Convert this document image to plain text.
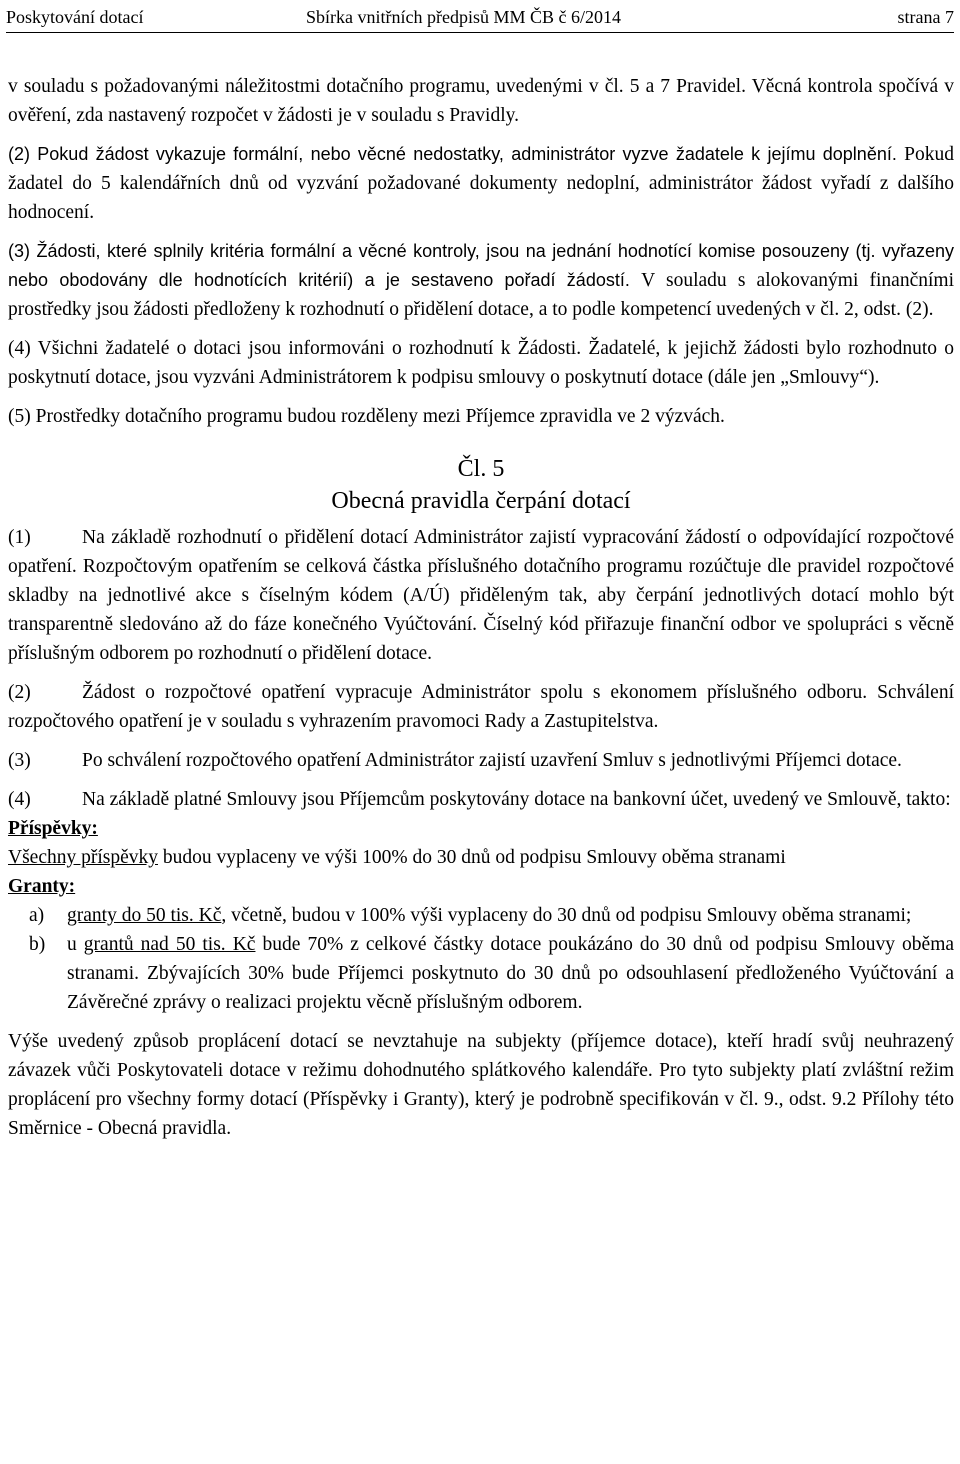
Poskytování dotací	Sbírka vnitřních předpisů MM ČB č 6/2014	strana 7

v souladu s požadovanými náležitostmi dotačního programu, uvedenými v čl. 5 a 7 Pravidel. Věcná kontrola spočívá v ověření, zda nastavený rozpočet v žádosti je v souladu s Pravidly.

(2) Pokud žádost vykazuje formální, nebo věcné nedostatky, administrátor vyzve žadatele k jejímu doplnění. Pokud žadatel do 5 kalendářních dnů od vyzvání požadované dokumenty nedoplní, administrátor žádost vyřadí z dalšího hodnocení.

(3) Žádosti, které splnily kritéria formální a věcné kontroly, jsou na jednání hodnotící komise posouzeny (tj. vyřazeny nebo obodovány dle hodnotících kritérií) a je sestaveno pořadí žádostí. V souladu s alokovanými finančními prostředky jsou žádosti předloženy k rozhodnutí o přidělení dotace, a to podle kompetencí uvedených v čl. 2, odst. (2).

(4) Všichni žadatelé o dotaci jsou informováni o rozhodnutí k Žádosti. Žadatelé, k jejichž žádosti bylo rozhodnuto o poskytnutí dotace, jsou vyzváni Administrátorem k podpisu smlouvy o poskytnutí dotace (dále jen „Smlouvy“).

(5) Prostředky dotačního programu budou rozděleny mezi Příjemce zpravidla ve 2 výzvách.

Čl. 5
Obecná pravidla čerpání dotací

(1)	Na základě rozhodnutí o přidělení dotací Administrátor zajistí vypracování žádostí o odpovídající rozpočtové opatření. Rozpočtovým opatřením se celková částka příslušného dotačního programu rozúčtuje dle pravidel rozpočtové skladby na jednotlivé akce s číselným kódem (A/Ú) přiděleným tak, aby čerpání jednotlivých dotací mohlo být transparentně sledováno až do fáze konečného Vyúčtování. Číselný kód přiřazuje finanční odbor ve spolupráci s věcně příslušným odborem po rozhodnutí o přidělení dotace.

(2)	Žádost o rozpočtové opatření vypracuje Administrátor spolu s ekonomem příslušného odboru. Schválení rozpočtového opatření je v souladu s vyhrazením pravomoci Rady a Zastupitelstva.

(3)	Po schválení rozpočtového opatření Administrátor zajistí uzavření Smluv s jednotlivými Příjemci dotace.

(4)	Na základě platné Smlouvy jsou Příjemcům poskytovány dotace na bankovní účet, uvedený ve Smlouvě, takto:

Příspěvky:

Všechny příspěvky budou vyplaceny ve výši 100% do 30 dnů od podpisu Smlouvy oběma stranami

Granty:
a)	granty do 50 tis. Kč, včetně, budou v 100% výši vyplaceny do 30 dnů od podpisu Smlouvy oběma stranami;
b)	u grantů nad 50 tis. Kč bude 70% z celkové částky dotace poukázáno do 30 dnů od podpisu Smlouvy oběma stranami. Zbývajících 30% bude Příjemci poskytnuto do 30 dnů po odsouhlasení předloženého Vyúčtování a Závěrečné zprávy o realizaci projektu věcně příslušným odborem.

Výše uvedený způsob proplácení dotací se nevztahuje na subjekty (příjemce dotace), kteří hradí svůj neuhrazený závazek vůči Poskytovateli dotace v režimu dohodnutého splátkového kalendáře. Pro tyto subjekty platí zvláštní režim proplácení pro všechny formy dotací (Příspěvky i Granty), který je podrobně specifikován v čl. 9., odst. 9.2 Přílohy této Směrnice - Obecná pravidla.
